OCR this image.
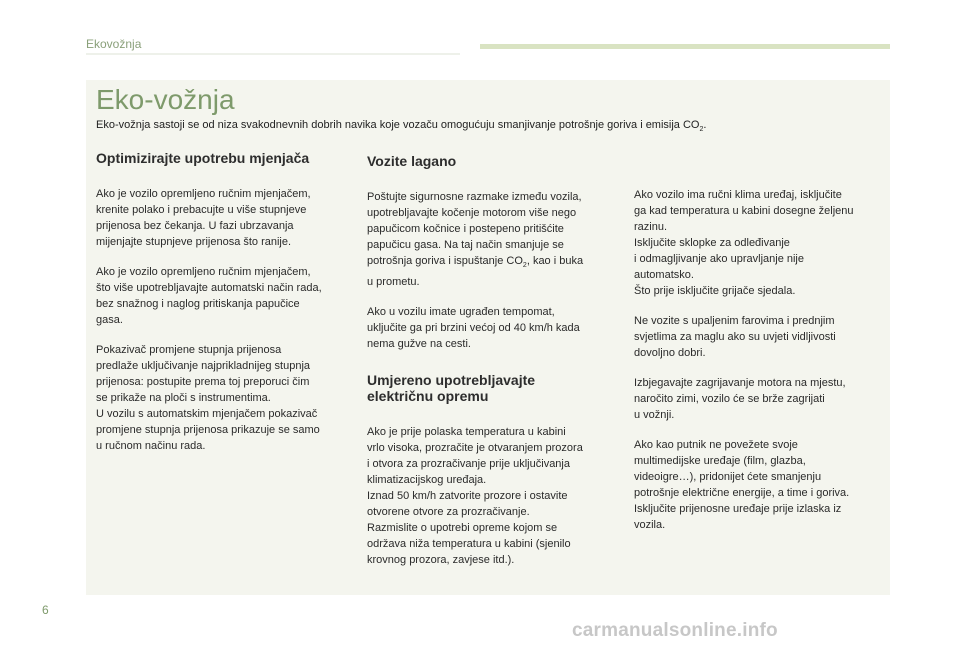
Ekovožnja
Eko-vožnja

Eko-vožnja sastoji se od niza svakodnevnih dobrih navika koje vozaču omogućuju smanjivanje potrošnje goriva i emisija $CO_2$.

Optimizirajte upotrebu mjenjača

Ako je vozilo opremljeno ručnim mjenjačem,
krenite polako i prebacujte u više stupnjeve
prijenosa bez čekanja. U fazi ubrzavanja
mijenjajte stupnjeve prijenosa što ranije.

Ako je vozilo opremljeno ručnim mjenjačem,
što više upotrebljavajte automatski način rada,
bez snažnog i naglog pritiskanja papučice
gasa.

Pokazivač promjene stupnja prijenosa
predlaže uključivanje najprikladnijeg stupnja
prijenosa: postupite prema toj preporuci čim
se prikaže na ploči s instrumentima.
U vozilu s automatskim mjenjačem pokazivač
promjene stupnja prijenosa prikazuje se samo
u ručnom načinu rada.

Vozite lagano

Poštujte sigurnosne razmake između vozila,
upotrebljavajte kočenje motorom više nego
papučicom kočnice i postepeno pritišćite
papučicu gasa. Na taj način smanjuje se
potrošnja goriva i ispuštanje $CO_2$, kao i buka
u prometu.

Ako u vozilu imate ugrađen tempomat,
uključite ga pri brzini većoj od 40 km/h kada
nema gužve na cesti.

Umjereno upotrebljavajte
električnu opremu

Ako je prije polaska temperatura u kabini
vrlo visoka, prozračite je otvaranjem prozora
i otvora za prozračivanje prije uključivanja
klimatizacijskog uređaja.
Iznad 50 km/h zatvorite prozore i ostavite
otvorene otvore za prozračivanje.
Razmislite o upotrebi opreme kojom se
održava niža temperatura u kabini (sjenilo
krovnog prozora, zavjese itd.).

Ako vozilo ima ručni klima uređaj, isključite
ga kad temperatura u kabini dosegne željenu
razinu.
Isključite sklopke za odleđivanje
i odmagljivanje ako upravljanje nije
automatsko.
Što prije isključite grijače sjedala.

Ne vozite s upaljenim farovima i prednjim
svjetlima za maglu ako su uvjeti vidljivosti
dovoljno dobri.

Izbjegavajte zagrijavanje motora na mjestu,
naročito zimi, vozilo će se brže zagrijati
u vožnji.

Ako kao putnik ne povežete svoje
multimedijske uređaje (film, glazba,
videoigre…), pridonijet ćete smanjenju
potrošnje električne energije, a time i goriva.
Isključite prijenosne uređaje prije izlaska iz
vozila.

6
carmanualsonline.info
